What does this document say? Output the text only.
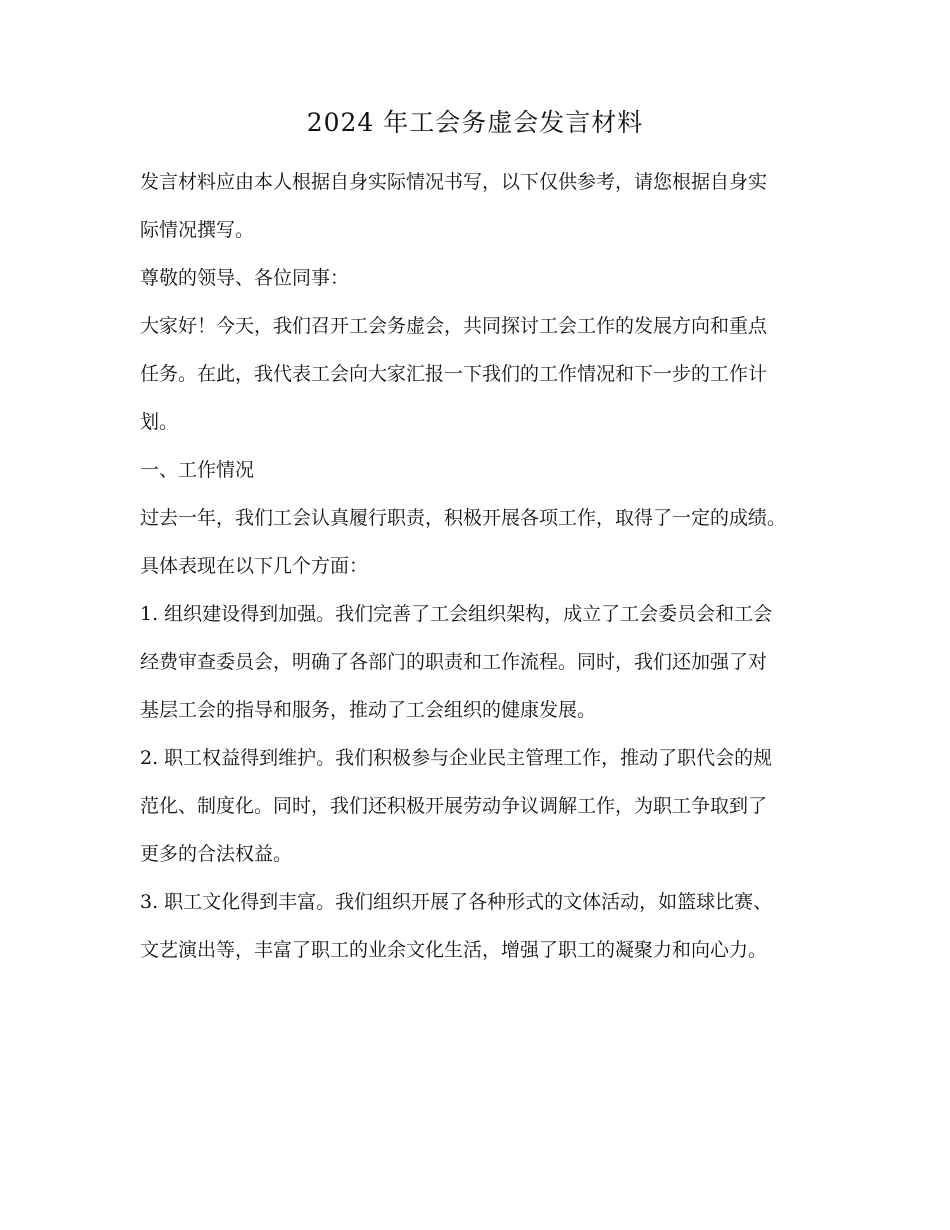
2024 年工会务虚会发言材料

发言材料应由本人根据自身实际情况书写，以下仅供参考，请您根据自身实

际情况撰写。

尊敬的领导、各位同事：

大家好！今天，我们召开工会务虚会，共同探讨工会工作的发展方向和重点

任务。在此，我代表工会向大家汇报一下我们的工作情况和下一步的工作计

划。

一、工作情况

过去一年，我们工会认真履行职责，积极开展各项工作，取得了一定的成绩。

具体表现在以下几个方面：

1. 组织建设得到加强。我们完善了工会组织架构，成立了工会委员会和工会

经费审查委员会，明确了各部门的职责和工作流程。同时，我们还加强了对

基层工会的指导和服务，推动了工会组织的健康发展。

2. 职工权益得到维护。我们积极参与企业民主管理工作，推动了职代会的规

范化、制度化。同时，我们还积极开展劳动争议调解工作，为职工争取到了

更多的合法权益。

3. 职工文化得到丰富。我们组织开展了各种形式的文体活动，如篮球比赛、

文艺演出等，丰富了职工的业余文化生活，增强了职工的凝聚力和向心力。
